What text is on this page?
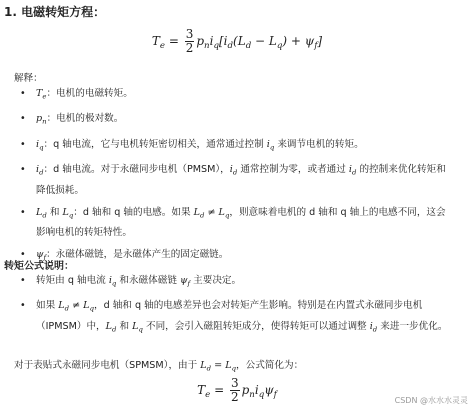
1. 电磁转矩方程：
$T_e = \frac{3}{2} p_ni_q[i_d(L_d - L_q) + \psi_f]$
解释：
• $T_e$：电机的电磁转矩。
• $p_n$：电机的极对数。
• $i_q$：q 轴电流，它与电机转矩密切相关，通常通过控制 $i_q$ 来调节电机的转矩。
• $i_d$：d 轴电流。对于永磁同步电机（PMSM），$i_d$ 通常控制为零，或者通过 $i_d$ 的控制来优化转矩和降低损耗。
• $L_d$ 和 $L_q$：d 轴和 q 轴的电感。如果 $L_d \ne L_q$，则意味着电机的 d 轴和 q 轴上的电感不同，这会影响电机的转矩特性。
• $\psi_f$：永磁体磁链，是永磁体产生的固定磁链。
转矩公式说明：
• 转矩由 q 轴电流 $i_q$ 和永磁体磁链 $\psi_f$ 主要决定。
• 如果 $L_d \ne L_q$，d 轴和 q 轴的电感差异也会对转矩产生影响。特别是在内置式永磁同步电机（IPMSM）中，$L_d$ 和 $L_q$ 不同，会引入磁阻转矩成分，使得转矩可以通过调整 $i_d$ 来进一步优化。
对于表贴式永磁同步电机（SPMSM），由于 $L_d = L_q$，公式简化为：
$T_e = \frac{3}{2} p_ni_q\psi_f$
CSDN @水水水灵灵
